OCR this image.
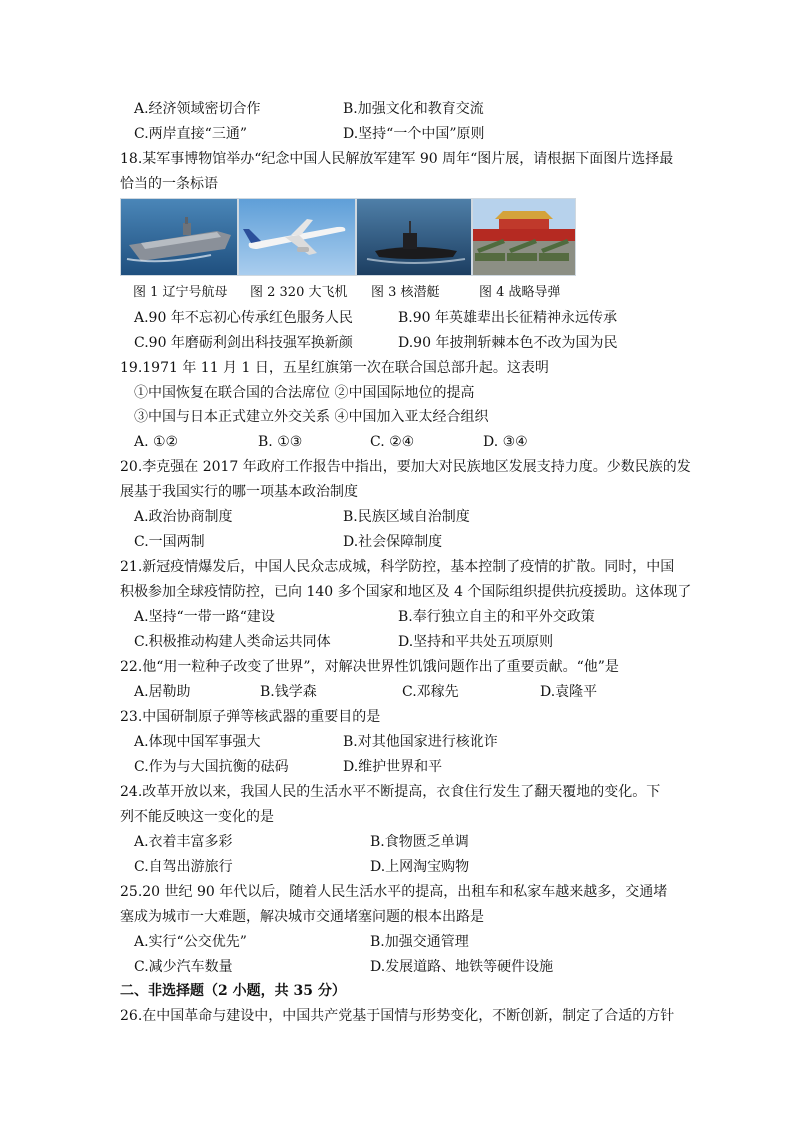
A.经济领域密切合作	B.加强文化和教育交流
C.两岸直接“三通”	D.坚持“一个中国”原则
18.某军事博物馆举办“纪念中国人民解放军建军 90 周年“图片展，请根据下面图片选择最
恰当的一条标语
图 1 辽宁号航母 图 2 320 大飞机 图 3 核潜艇	图 4 战略导弹
A.90 年不忘初心传承红色服务人民	B.90 年英雄辈出长征精神永远传承
C.90 年磨砺利剑出科技强军换新颜	D.90 年披荆斩棘本色不改为国为民
19.1971 年 11 月 1 日，五星红旗第一次在联合国总部升起。这表明
①中国恢复在联合国的合法席位 ②中国国际地位的提高
③中国与日本正式建立外交关系 ④中国加入亚太经合组织
A. ①②	B. ①③	C. ②④	D. ③④
20.李克强在 2017 年政府工作报告中指出，要加大对民族地区发展支持力度。少数民族的发
展基于我国实行的哪一项基本政治制度
A.政治协商制度	B.民族区域自治制度
C.一国两制	D.社会保障制度
21.新冠疫情爆发后，中国人民众志成城，科学防控，基本控制了疫情的扩散。同时，中国
积极参加全球疫情防控，已向 140 多个国家和地区及 4 个国际组织提供抗疫援助。这体现了
A.坚持“一带一路“建设	B.奉行独立自主的和平外交政策
C.积极推动构建人类命运共同体	D.坚持和平共处五项原则
22.他“用一粒种子改变了世界”，对解决世界性饥饿问题作出了重要贡献。“他”是
A.居勒助	B.钱学森	C.邓稼先	D.袁隆平
23.中国研制原子弹等核武器的重要目的是
A.体现中国军事强大	B.对其他国家进行核讹诈
C.作为与大国抗衡的砝码	D.维护世界和平
24.改革开放以来，我国人民的生活水平不断提高，衣食住行发生了翻天覆地的变化。下
列不能反映这一变化的是
A.衣着丰富多彩	B.食物匮乏单调
C.自驾出游旅行	D.上网淘宝购物
25.20 世纪 90 年代以后，随着人民生活水平的提高，出租车和私家车越来越多，交通堵
塞成为城市一大难题，解决城市交通堵塞问题的根本出路是
A.实行“公交优先”	B.加强交通管理
C.减少汽车数量	D.发展道路、地铁等硬件设施
二、非选择题（2 小题，共 35 分）
26.在中国革命与建设中，中国共产党基于国情与形势变化，不断创新，制定了合适的方针
